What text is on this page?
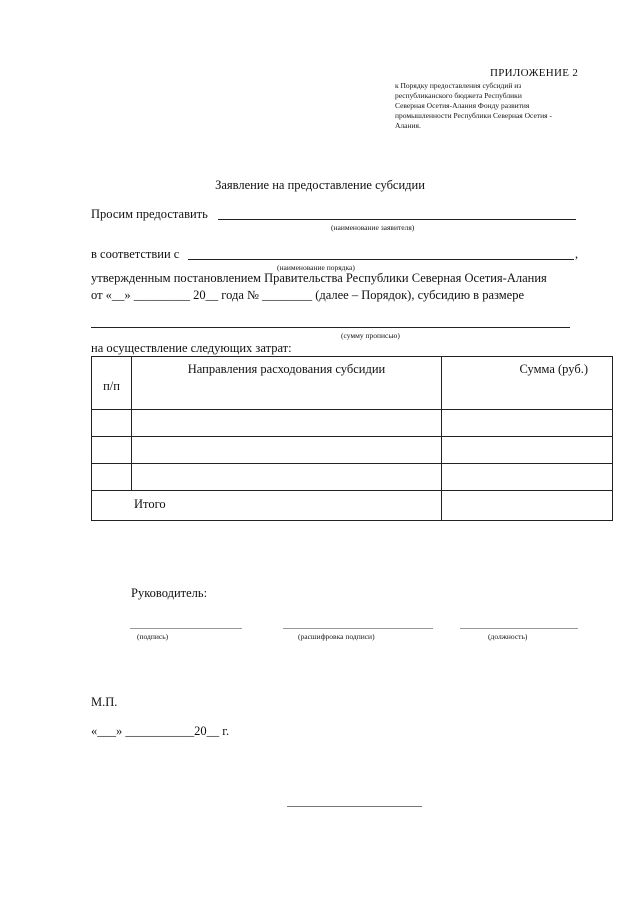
ПРИЛОЖЕНИЕ 2
к Порядку предоставления субсидий из
республиканского бюджета Республики
Северная Осетия-Алания Фонду развития
промышленности Республики Северная Осетия -
Алания.
Заявление на предоставление субсидии
Просим предоставить
(наименование заявителя)
в соответствии с	,
(наименование порядка)
утвержденным постановлением Правительства Республики Северная Осетия-Алания
от «__» _________ 20__ года № ________ (далее – Порядок), субсидию в размере
(сумму прописью)
на осуществление следующих затрат:
п/п	Направления расходования субсидии	Сумма (руб.)

Итого		
Руководитель:
(подпись)	(расшифровка подписи)	(должность)
М.П.
«___» ___________20__ г.
